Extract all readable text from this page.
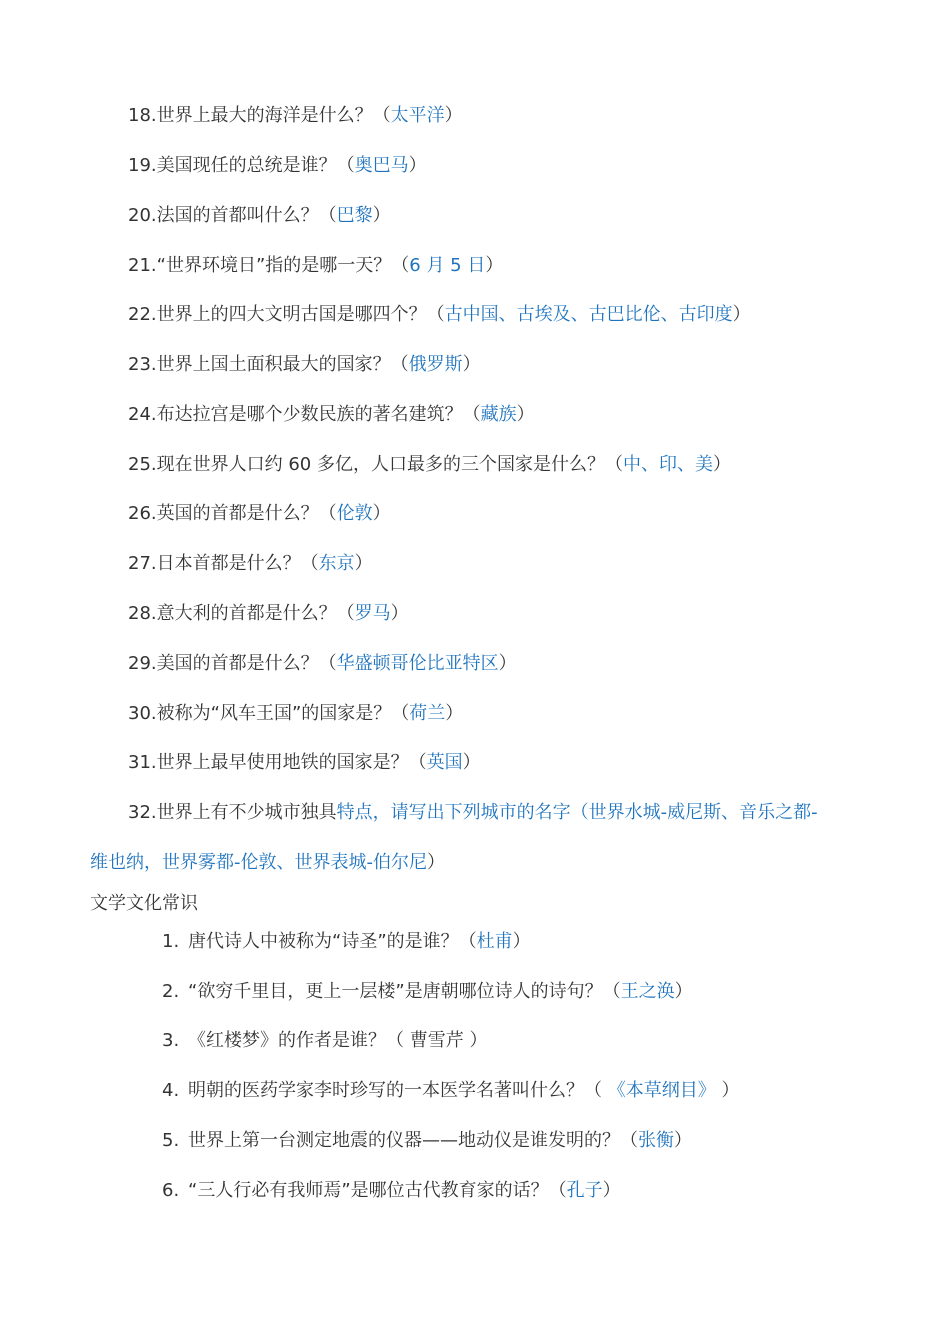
18.世界上最大的海洋是什么？（太平洋）
19.美国现任的总统是谁？（奥巴马）
20.法国的首都叫什么？（巴黎）
21.“世界环境日”指的是哪一天？（6 月 5 日）
22.世界上的四大文明古国是哪四个？（古中国、古埃及、古巴比伦、古印度）
23.世界上国土面积最大的国家？（俄罗斯）
24.布达拉宫是哪个少数民族的著名建筑？（藏族）
25.现在世界人口约 60 多亿，人口最多的三个国家是什么？（中、印、美）
26.英国的首都是什么？（伦敦）
27.日本首都是什么？（东京）
28.意大利的首都是什么？（罗马）
29.美国的首都是什么？（华盛顿哥伦比亚特区）
30.被称为“风车王国”的国家是？（荷兰）
31.世界上最早使用地铁的国家是？（英国）
32.世界上有不少城市独具特点，请写出下列城市的名字（世界水城-威尼斯、音乐之都-
维也纳，世界雾都-伦敦、世界表城-伯尔尼）
文学文化常识
1. 唐代诗人中被称为“诗圣”的是谁？（杜甫）
2. “欲穷千里目，更上一层楼”是唐朝哪位诗人的诗句？（王之涣）
3. 《红楼梦》的作者是谁？（ 曹雪芹 ）
4. 明朝的医药学家李时珍写的一本医学名著叫什么？（ 《本草纲目》 ）
5. 世界上第一台测定地震的仪器——地动仪是谁发明的？（张衡）
6. “三人行必有我师焉”是哪位古代教育家的话？（孔子）
